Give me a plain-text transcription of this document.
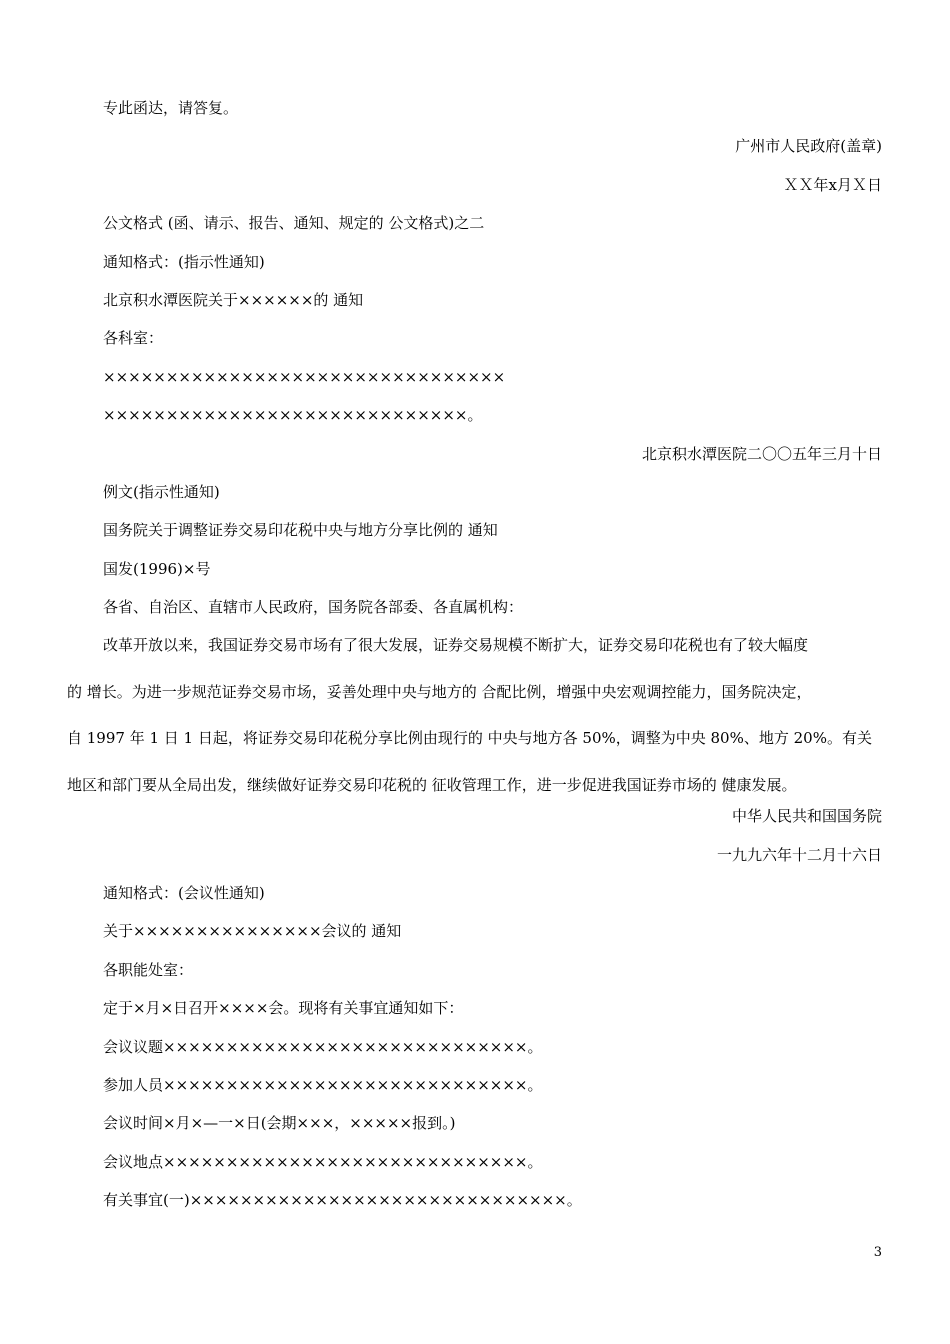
专此函达，请答复。
广州市人民政府(盖章)
ＸＸ年x月Ｘ日
公文格式 (函、请示、报告、通知、规定的 公文格式)之二
通知格式：(指示性通知)
北京积水潭医院关于××××××的 通知
各科室：
××××××××××××××××××××××××××××××××
×××××××××××××××××××××××××××××。
北京积水潭医院二〇〇五年三月十日
例文(指示性通知)
国务院关于调整证券交易印花税中央与地方分享比例的 通知
国发(1996)×号
各省、自治区、直辖市人民政府，国务院各部委、各直属机构：
改革开放以来，我国证券交易市场有了很大发展，证券交易规模不断扩大，证券交易印花税也有了较大幅度
的 增长。为进一步规范证券交易市场，妥善处理中央与地方的 合配比例，增强中央宏观调控能力，国务院决定，
自 1997 年 1 日 1 日起，将证券交易印花税分享比例由现行的 中央与地方各 50%，调整为中央 80%、地方 20%。有关
地区和部门要从全局出发，继续做好证券交易印花税的 征收管理工作，进一步促进我国证券市场的 健康发展。
中华人民共和国国务院
一九九六年十二月十六日
通知格式：(会议性通知)
关于×××××××××××××××会议的 通知
各职能处室：
定于×月×日召开××××会。现将有关事宜通知如下：
会议议题×××××××××××××××××××××××××××××。
参加人员×××××××××××××××××××××××××××××。
会议时间×月×—一×日(会期×××，×××××报到。)
会议地点×××××××××××××××××××××××××××××。
有关事宜(一)××××××××××××××××××××××××××××××。
3
